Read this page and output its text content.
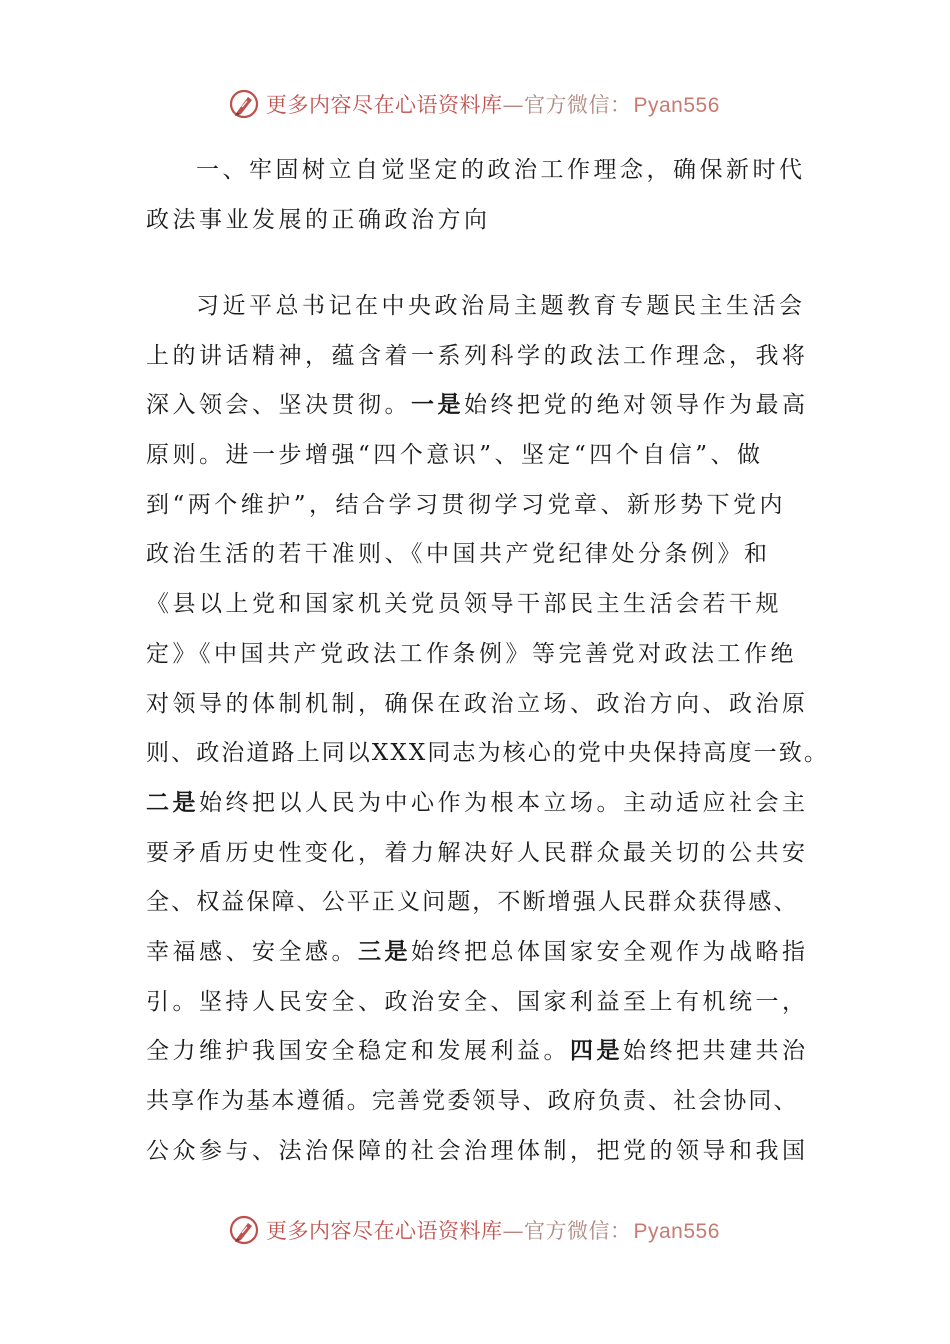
更多内容尽在心语资料库—官方微信：Pyan556
一、牢固树立自觉坚定的政治工作理念，确保新时代
政法事业发展的正确政治方向
习近平总书记在中央政治局主题教育专题民主生活会
上的讲话精神，蕴含着一系列科学的政法工作理念，我将
深入领会、坚决贯彻。一是始终把党的绝对领导作为最高
原则。进一步增强“四个意识”、坚定“四个自信”、做
到“两个维护”，结合学习贯彻学习党章、新形势下党内
政治生活的若干准则、《中国共产党纪律处分条例》和
《县以上党和国家机关党员领导干部民主生活会若干规
定》《中国共产党政法工作条例》等完善党对政法工作绝
对领导的体制机制，确保在政治立场、政治方向、政治原
则、政治道路上同以XXX同志为核心的党中央保持高度一致。
二是始终把以人民为中心作为根本立场。主动适应社会主
要矛盾历史性变化，着力解决好人民群众最关切的公共安
全、权益保障、公平正义问题，不断增强人民群众获得感、
幸福感、安全感。三是始终把总体国家安全观作为战略指
引。坚持人民安全、政治安全、国家利益至上有机统一，
全力维护我国安全稳定和发展利益。四是始终把共建共治
共享作为基本遵循。完善党委领导、政府负责、社会协同、
公众参与、法治保障的社会治理体制，把党的领导和我国
更多内容尽在心语资料库—官方微信：Pyan556
